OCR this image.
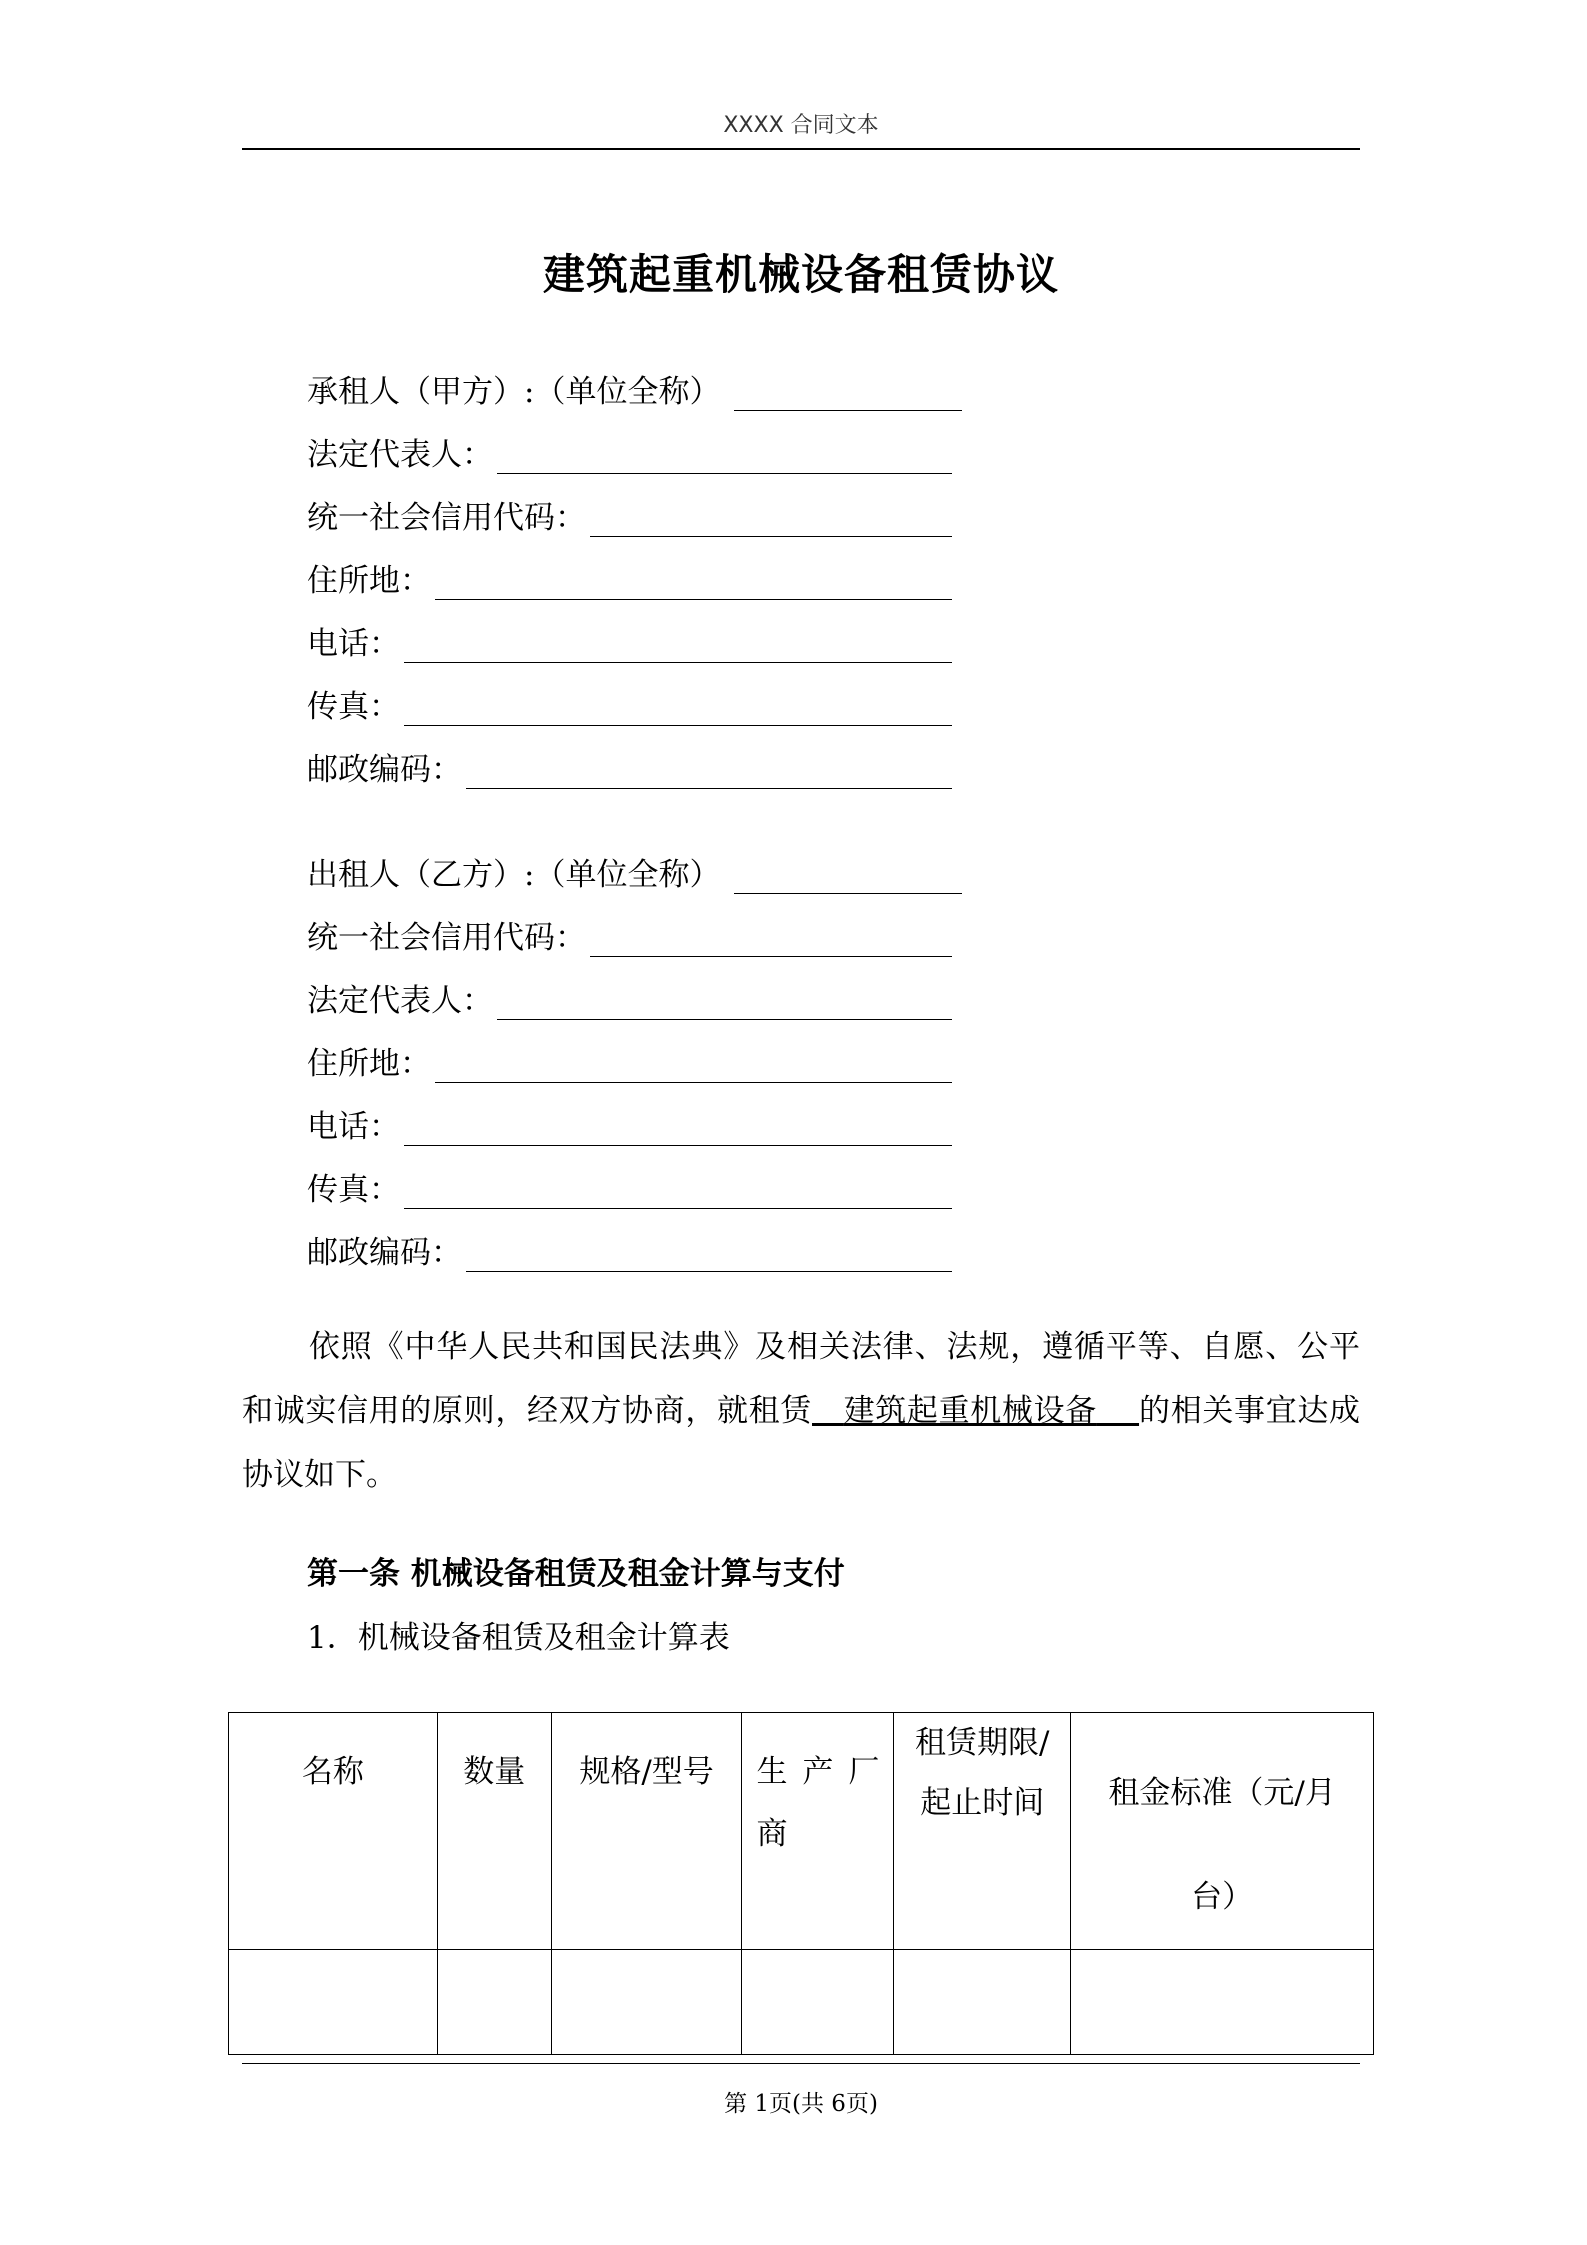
XXXX 合同文本
建筑起重机械设备租赁协议
承租人（甲方）:（单位全称）
法定代表人：
统一社会信用代码：
住所地：
电话：
传真：
邮政编码：
出租人（乙方）:（单位全称）
统一社会信用代码：
法定代表人：
住所地：
电话：
传真：
邮政编码：
依照《中华人民共和国民法典》及相关法律、法规，遵循平等、自愿、公平和诚实信用的原则，经双方协商，就租赁 建筑起重机械设备 的相关事宜达成协议如下。
第一条 机械设备租赁及租金计算与支付
1．机械设备租赁及租金计算表
名称	数量	规格/型号	生 产 厂 商	租赁期限/起止时间	租金标准（元/月台）

第 1页(共 6页)
